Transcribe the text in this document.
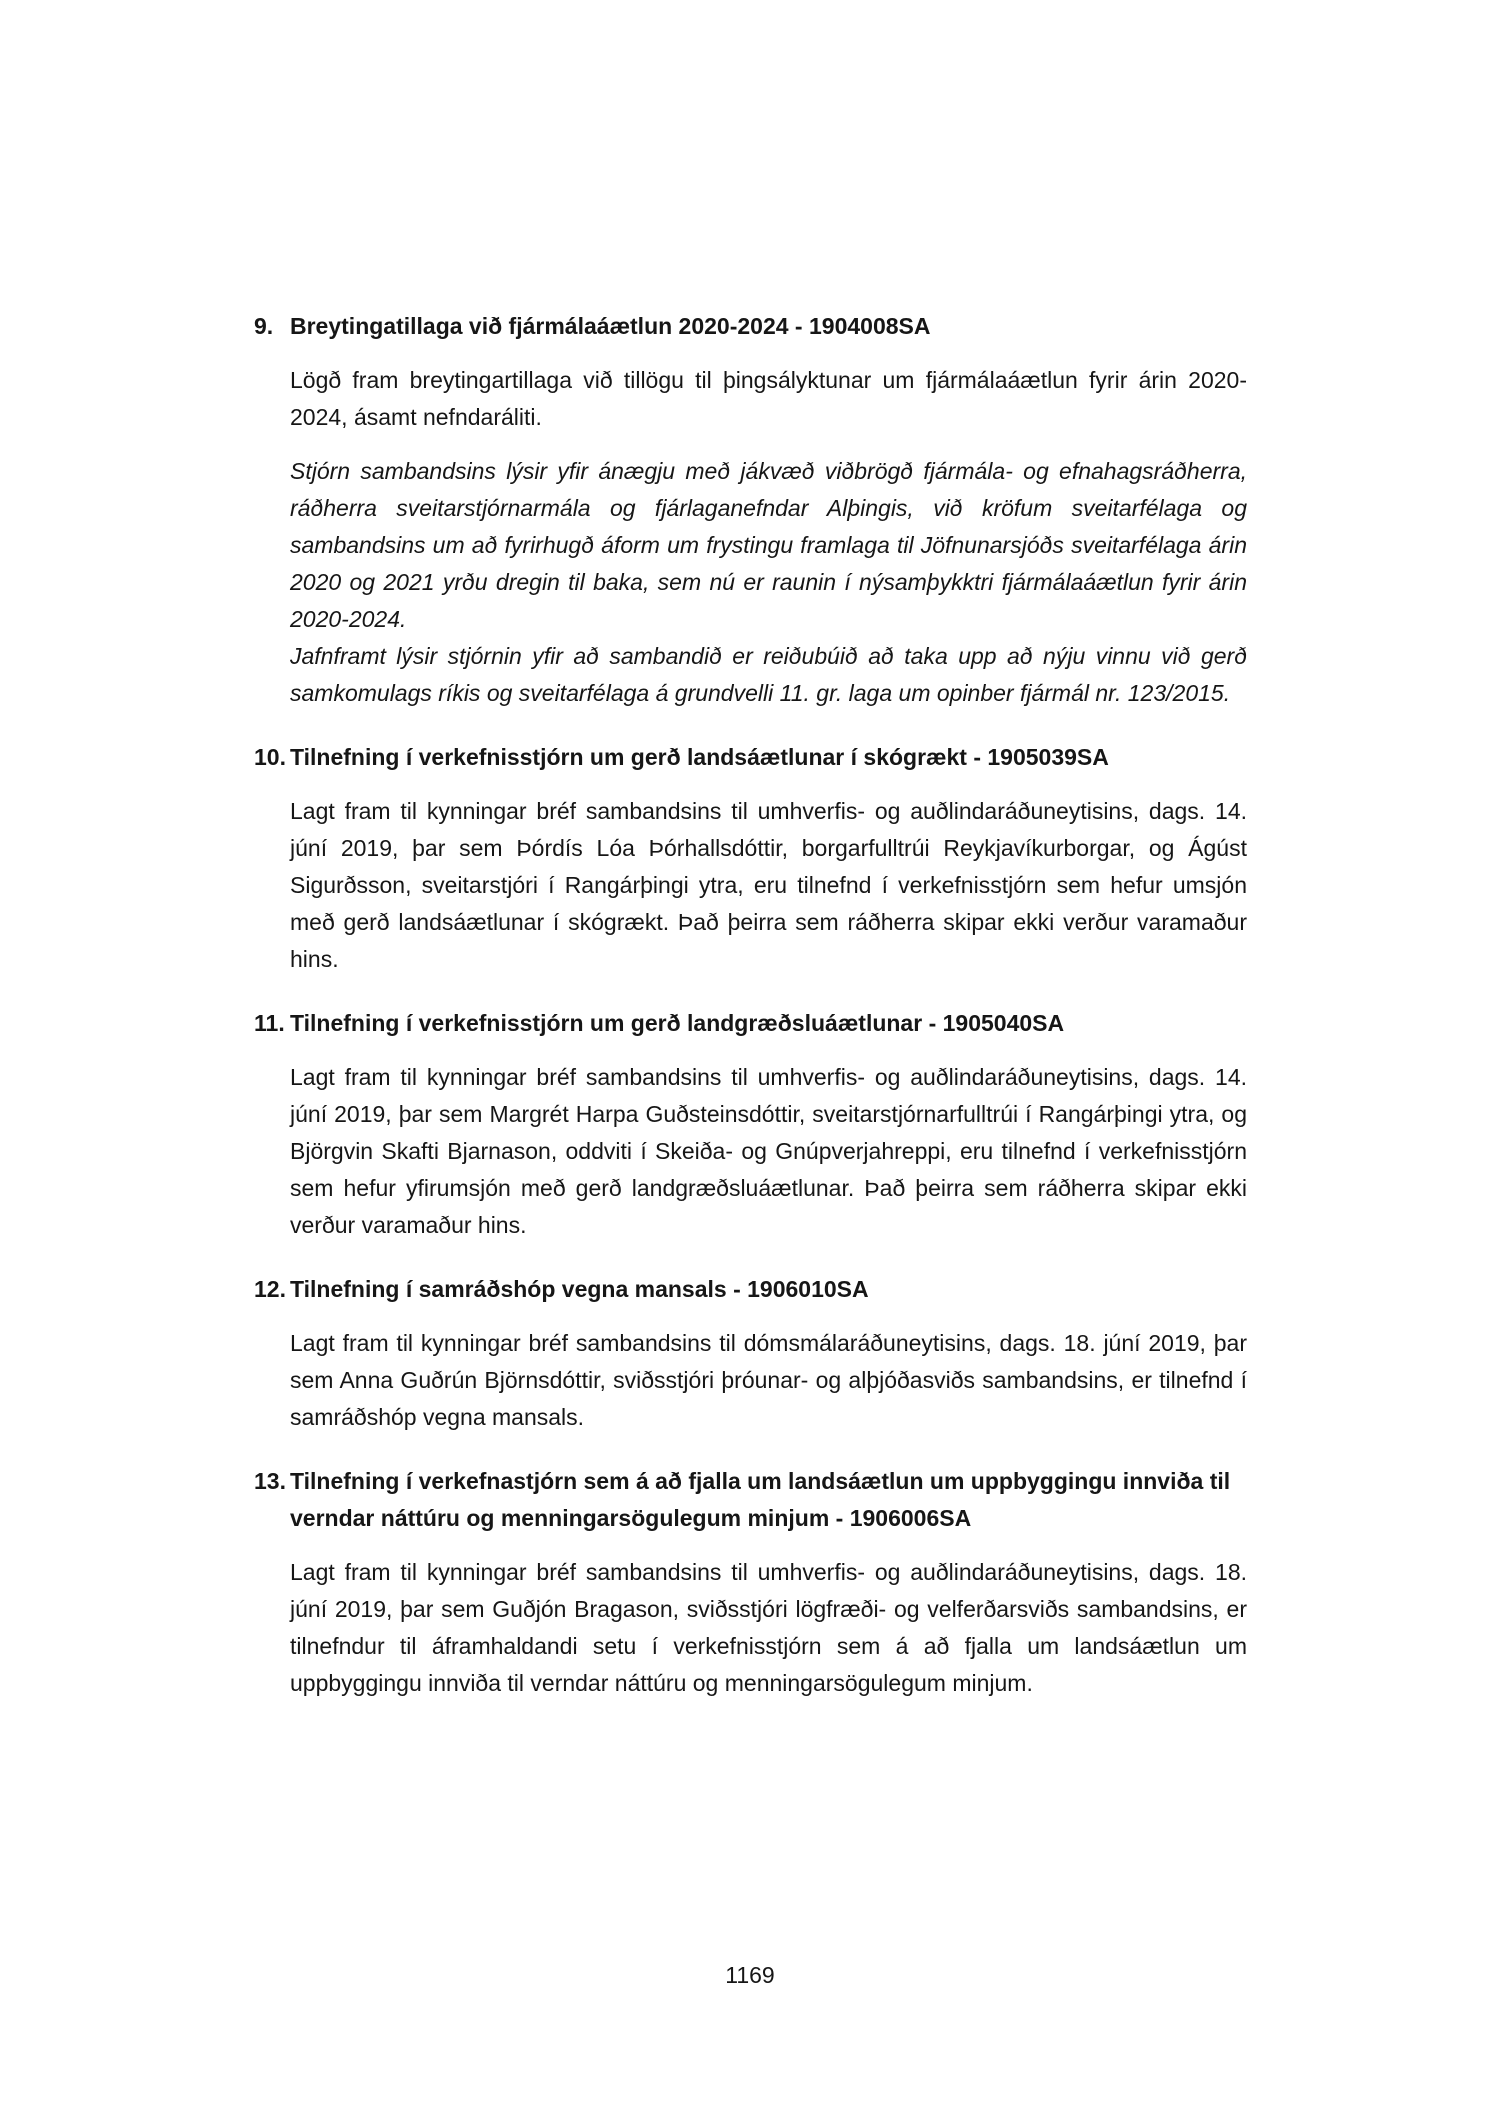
9. Breytingatillaga við fjármálaáætlun 2020-2024 - 1904008SA

Lögð fram breytingartillaga við tillögu til þingsályktunar um fjármálaáætlun fyrir árin 2020-2024, ásamt nefndaráliti.

Stjórn sambandsins lýsir yfir ánægju með jákvæð viðbrögð fjármála- og efnahagsráðherra, ráðherra sveitarstjórnarmála og fjárlaganefndar Alþingis, við kröfum sveitarfélaga og sambandsins um að fyrirhugð áform um frystingu framlaga til Jöfnunarsjóðs sveitarfélaga árin 2020 og 2021 yrðu dregin til baka, sem nú er raunin í nýsamþykktri fjármálaáætlun fyrir árin 2020-2024.

Jafnframt lýsir stjórnin yfir að sambandið er reiðubúið að taka upp að nýju vinnu við gerð samkomulags ríkis og sveitarfélaga á grundvelli 11. gr. laga um opinber fjármál nr. 123/2015.

10. Tilnefning í verkefnisstjórn um gerð landsáætlunar í skógrækt - 1905039SA

Lagt fram til kynningar bréf sambandsins til umhverfis- og auðlindaráðuneytisins, dags. 14. júní 2019, þar sem Þórdís Lóa Þórhallsdóttir, borgarfulltrúi Reykjavíkurborgar, og Ágúst Sigurðsson, sveitarstjóri í Rangárþingi ytra, eru tilnefnd í verkefnisstjórn sem hefur umsjón með gerð landsáætlunar í skógrækt. Það þeirra sem ráðherra skipar ekki verður varamaður hins.

11. Tilnefning í verkefnisstjórn um gerð landgræðsluáætlunar - 1905040SA

Lagt fram til kynningar bréf sambandsins til umhverfis- og auðlindaráðuneytisins, dags. 14. júní 2019, þar sem Margrét Harpa Guðsteinsdóttir, sveitarstjórnarfulltrúi í Rangárþingi ytra, og Björgvin Skafti Bjarnason, oddviti í Skeiða- og Gnúpverjahreppi, eru tilnefnd í verkefnisstjórn sem hefur yfirumsjón með gerð landgræðsluáætlunar. Það þeirra sem ráðherra skipar ekki verður varamaður hins.

12. Tilnefning í samráðshóp vegna mansals - 1906010SA

Lagt fram til kynningar bréf sambandsins til dómsmálaráðuneytisins, dags. 18. júní 2019, þar sem Anna Guðrún Björnsdóttir, sviðsstjóri þróunar- og alþjóðasviðs sambandsins, er tilnefnd í samráðshóp vegna mansals.

13. Tilnefning í verkefnastjórn sem á að fjalla um landsáætlun um uppbyggingu innviða til verndar náttúru og menningarsögulegum minjum - 1906006SA

Lagt fram til kynningar bréf sambandsins til umhverfis- og auðlindaráðuneytisins, dags. 18. júní 2019, þar sem Guðjón Bragason, sviðsstjóri lögfræði- og velferðarsviðs sambandsins, er tilnefndur til áframhaldandi setu í verkefnisstjórn sem á að fjalla um landsáætlun um uppbyggingu innviða til verndar náttúru og menningarsögulegum minjum.

1169
